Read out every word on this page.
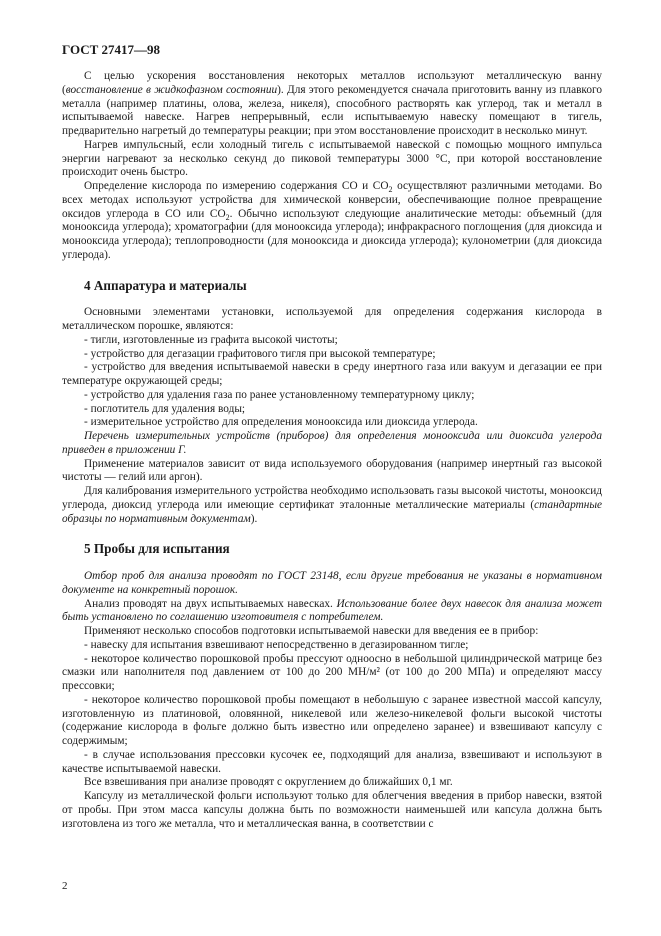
ГОСТ 27417—98

С целью ускорения восстановления некоторых металлов используют металлическую ванну (восстановление в жидкофазном состоянии). Для этого рекомендуется сначала приготовить ванну из плавкого металла (например платины, олова, железа, никеля), способного растворять как углерод, так и металл в испытываемой навеске. Нагрев непрерывный, если испытываемую навеску помещают в тигель, предварительно нагретый до температуры реакции; при этом восстановление происходит в несколько минут.

Нагрев импульсный, если холодный тигель с испытываемой навеской с помощью мощного импульса энергии нагревают за несколько секунд до пиковой температуры 3000 °С, при которой восстановление происходит очень быстро.

Определение кислорода по измерению содержания СО и $СО_2$ осуществляют различными методами. Во всех методах используют устройства для химической конверсии, обеспечивающие полное превращение оксидов углерода в СО или $СО_2$. Обычно используют следующие аналитические методы: объемный (для монооксида углерода); хроматографии (для монооксида углерода); инфракрасного поглощения (для диоксида и монооксида углерода); теплопроводности (для монооксида и диоксида углерода); кулонометрии (для диоксида углерода).

4 Аппаратура и материалы

Основными элементами установки, используемой для определения содержания кислорода в металлическом порошке, являются:

- тигли, изготовленные из графита высокой чистоты;

- устройство для дегазации графитового тигля при высокой температуре;

- устройство для введения испытываемой навески в среду инертного газа или вакуум и дегазации ее при температуре окружающей среды;

- устройство для удаления газа по ранее установленному температурному циклу;

- поглотитель для удаления воды;

- измерительное устройство для определения монооксида или диоксида углерода.

Перечень измерительных устройств (приборов) для определения монооксида или диоксида углерода приведен в приложении Г.

Применение материалов зависит от вида используемого оборудования (например инертный газ высокой чистоты — гелий или аргон).

Для калибрования измерительного устройства необходимо использовать газы высокой чистоты, монооксид углерода, диоксид углерода или имеющие сертификат эталонные металлические материалы (стандартные образцы по нормативным документам).

5 Пробы для испытания

Отбор проб для анализа проводят по ГОСТ 23148, если другие требования не указаны в нормативном документе на конкретный порошок.

Анализ проводят на двух испытываемых навесках. Использование более двух навесок для анализа может быть установлено по соглашению изготовителя с потребителем.

Применяют несколько способов подготовки испытываемой навески для введения ее в прибор:

- навеску для испытания взвешивают непосредственно в дегазированном тигле;

- некоторое количество порошковой пробы прессуют одноосно в небольшой цилиндрической матрице без смазки или наполнителя под давлением от 100 до 200 МН/м² (от 100 до 200 МПа) и определяют массу прессовки;

- некоторое количество порошковой пробы помещают в небольшую с заранее известной массой капсулу, изготовленную из платиновой, оловянной, никелевой или железо-никелевой фольги высокой чистоты (содержание кислорода в фольге должно быть известно или определено заранее) и взвешивают капсулу с содержимым;

- в случае использования прессовки кусочек ее, подходящий для анализа, взвешивают и используют в качестве испытываемой навески.

Все взвешивания при анализе проводят с округлением до ближайших 0,1 мг.

Капсулу из металлической фольги используют только для облегчения введения в прибор навески, взятой от пробы. При этом масса капсулы должна быть по возможности наименьшей или капсула должна быть изготовлена из того же металла, что и металлическая ванна, в соответствии с

2
